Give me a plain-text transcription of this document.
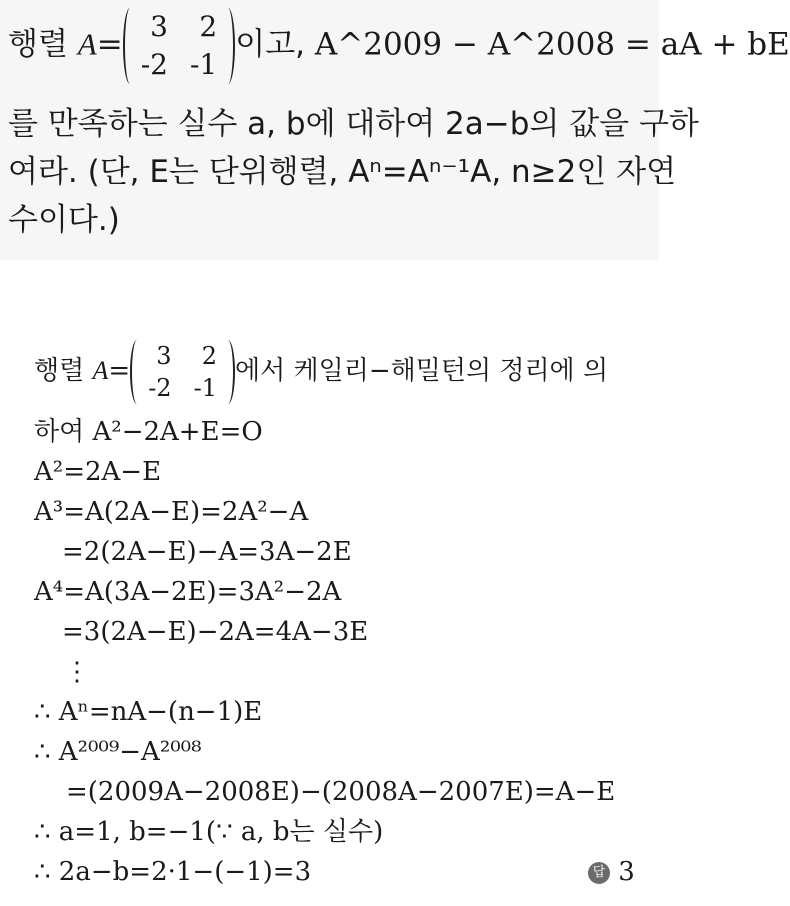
행렬 A= 3	2
-2 -1
이고, A^2009 − A^2008 = aA + bE
를 만족하는 실수 a, b에 대하여 2a−b의 값을 구하
여라. (단, E는 단위행렬, Aⁿ=Aⁿ⁻¹A, n≥2인 자연
수이다.)
행렬 A=	3	2
-2 -1
에서 케일리−해밀턴의 정리에 의
하여 A²−2A+E=O
A²=2A−E
A³=A(2A−E)=2A²−A
=2(2A−E)−A=3A−2E
A⁴=A(3A−2E)=3A²−2A
=3(2A−E)−2A=4A−3E
⋮
∴ Aⁿ=nA−(n−1)E
∴ A²⁰⁰⁹−A²⁰⁰⁸
=(2009A−2008E)−(2008A−2007E)=A−E
∴ a=1, b=−1(∵ a, b는 실수)
∴ 2a−b=2·1−(−1)=3	답 3
